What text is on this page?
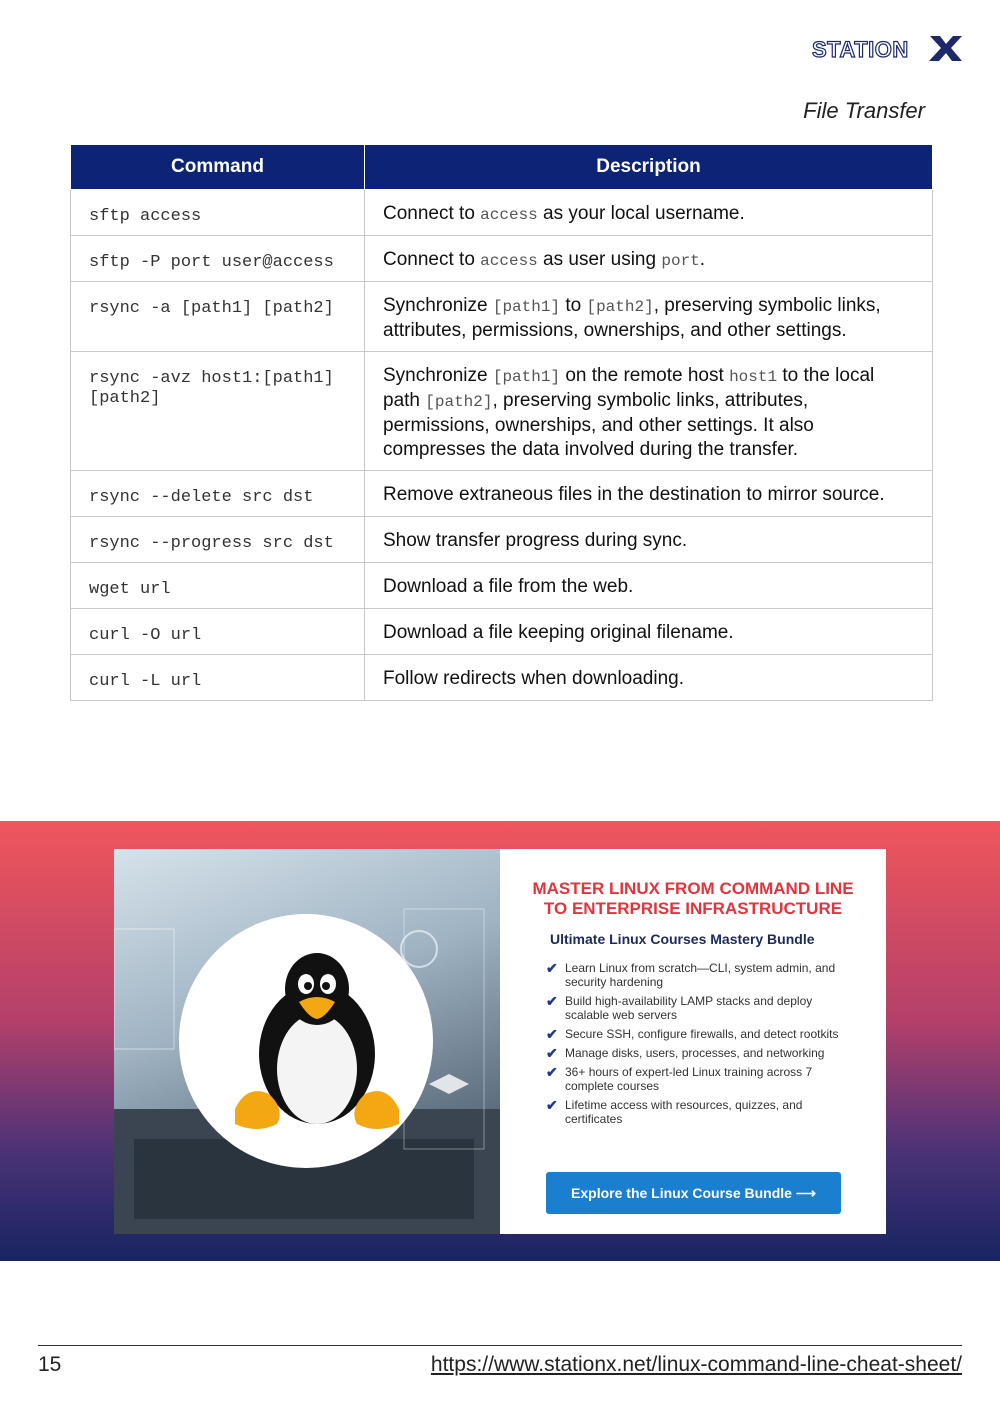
STATION
File Transfer
Command	Description
sftp access	Connect to access as your local username.
sftp -P port user@access	Connect to access as user using port.
rsync -a [path1] [path2]	Synchronize [path1] to [path2], preserving symbolic links, attributes, permissions, ownerships, and other settings.
rsync -avz host1:[path1] [path2]	Synchronize [path1] on the remote host host1 to the local path [path2], preserving symbolic links, attributes, permissions, ownerships, and other settings. It also compresses the data involved during the transfer.
rsync --delete src dst	Remove extraneous files in the destination to mirror source.
rsync --progress src dst	Show transfer progress during sync.
wget url	Download a file from the web.
curl -O url	Download a file keeping original filename.
curl -L url	Follow redirects when downloading.
MASTER LINUX FROM COMMAND LINE
TO ENTERPRISE INFRASTRUCTURE
Ultimate Linux Courses Mastery Bundle
✔ Learn Linux from scratch—CLI, system admin, and security hardening
✔ Build high-availability LAMP stacks and deploy scalable web servers
✔ Secure SSH, configure firewalls, and detect rootkits
✔ Manage disks, users, processes, and networking
✔ 36+ hours of expert-led Linux training across 7 complete courses
✔ Lifetime access with resources, quizzes, and certificates
Explore the Linux Course Bundle ⟶
15	https://www.stationx.net/linux-command-line-cheat-sheet/
